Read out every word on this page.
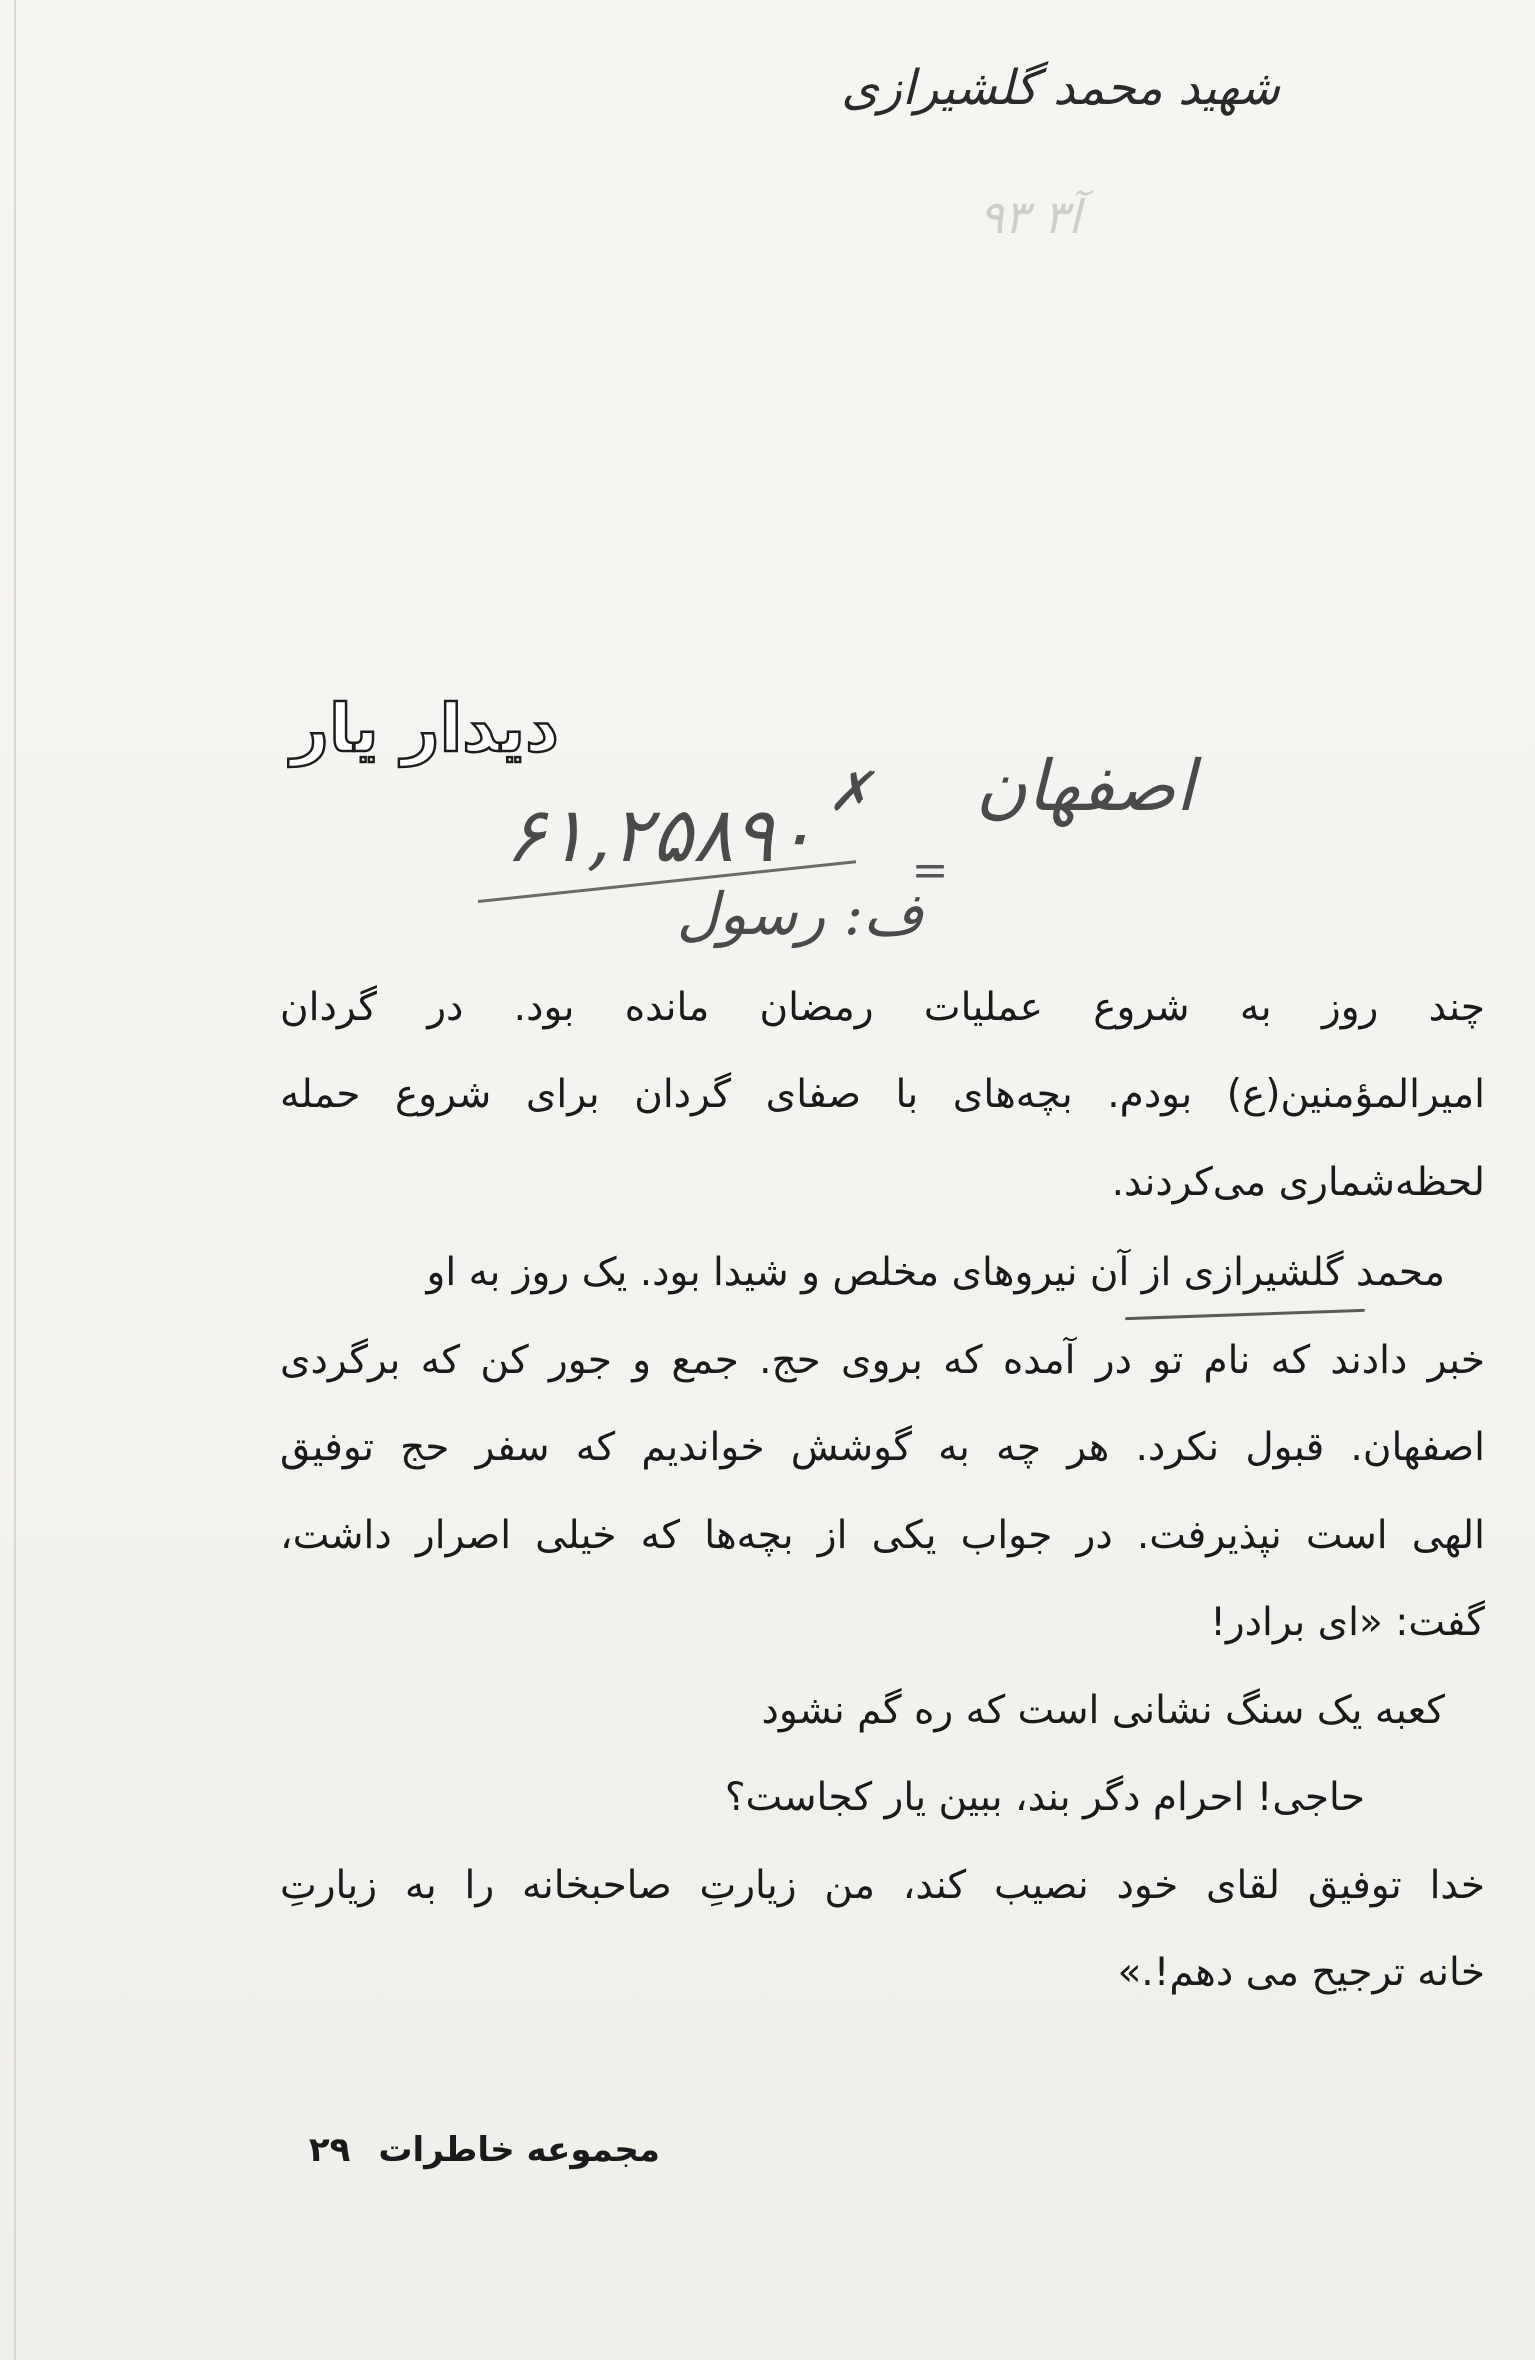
شهید محمد گلشیرازی
آ۳ ۹۳
دیدار یار
۶۱,۲۵۸۹۰ ✗ اصفهان
=
ف: رسول
چند روز به شروع عملیات رمضان مانده بود. در گردان
امیرالمؤمنین(ع) بودم. بچه‌های با صفای گردان برای شروع حمله
لحظه‌شماری می‌کردند.
محمد گلشیرازی از آن نیروهای مخلص و شیدا بود. یک روز به او
خبر دادند که نام تو در آمده که بروی حج. جمع و جور کن که برگردی
اصفهان. قبول نکرد. هر چه به گوشش خواندیم که سفر حج توفیق
الهی است نپذیرفت. در جواب یکی از بچه‌ها که خیلی اصرار داشت،
گفت: «ای برادر!
کعبه یک سنگ نشانی است که ره گم نشود
حاجی! احرام دگر بند، ببین یار کجاست؟
خدا توفیق لقای خود نصیب کند، من زیارتِ صاحبخانه را به زیارتِ
خانه ترجیح می دهم!.»
مجموعه خاطرات
۲۹
